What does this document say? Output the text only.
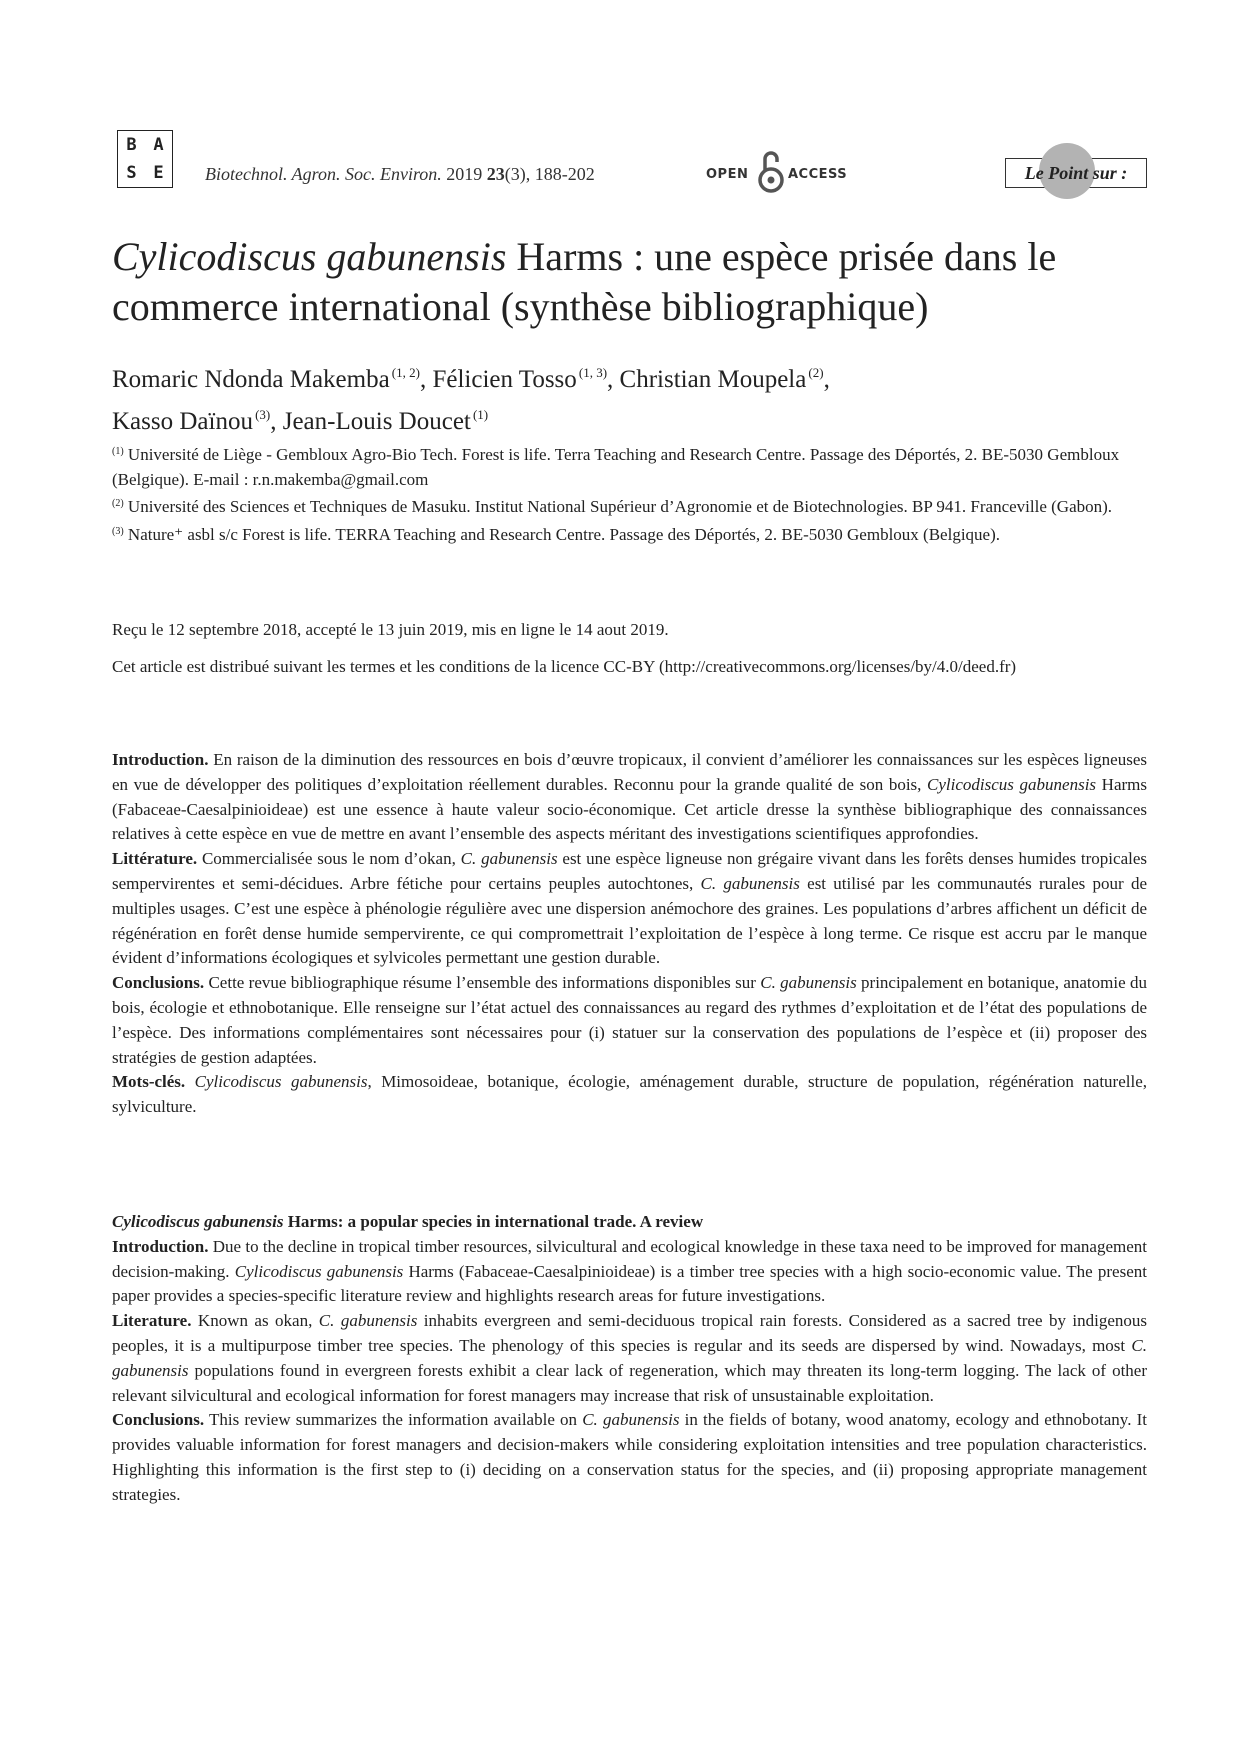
B A
S E	Biotechnol. Agron. Soc. Environ. 2019 23(3), 188-202	OPEN	ACCESS	Le Point sur :
Cylicodiscus gabunensis Harms : une espèce prisée dans le commerce international (synthèse bibliographique)
Romaric Ndonda Makemba  $^{(1, 2)}$, Félicien Tosso  $^{(1, 3)}$, Christian Moupela  $^{(2)}$,
Kasso Daïnou  $^{(3)}$, Jean-Louis Doucet  $^{(1)}$

$^{(1)}$ Université de Liège - Gembloux Agro-Bio Tech. Forest is life. Terra Teaching and Research Centre. Passage des Déportés, 2. BE-5030 Gembloux (Belgique). E-mail : r.n.makemba@gmail.com

$^{(2)}$ Université des Sciences et Techniques de Masuku. Institut National Supérieur d’Agronomie et de Biotechnologies. BP 941. Franceville (Gabon).

$^{(3)}$ Nature⁺ asbl s/c Forest is life. TERRA Teaching and Research Centre. Passage des Déportés, 2. BE-5030 Gembloux (Belgique).

Reçu le 12 septembre 2018, accepté le 13 juin 2019, mis en ligne le 14 aout 2019.
Cet article est distribué suivant les termes et les conditions de la licence CC-BY (http://creativecommons.org/licenses/by/4.0/deed.fr)

Introduction. En raison de la diminution des ressources en bois d’œuvre tropicaux, il convient d’améliorer les connaissances sur les espèces ligneuses en vue de développer des politiques d’exploitation réellement durables. Reconnu pour la grande qualité de son bois, Cylicodiscus gabunensis Harms (Fabaceae-Caesalpinioideae) est une essence à haute valeur socio-économique. Cet article dresse la synthèse bibliographique des connaissances relatives à cette espèce en vue de mettre en avant l’ensemble des aspects méritant des investigations scientifiques approfondies.

Littérature. Commercialisée sous le nom d’okan, C. gabunensis est une espèce ligneuse non grégaire vivant dans les forêts denses humides tropicales sempervirentes et semi-décidues. Arbre fétiche pour certains peuples autochtones, C. gabunensis est utilisé par les communautés rurales pour de multiples usages. C’est une espèce à phénologie régulière avec une dispersion anémochore des graines. Les populations d’arbres affichent un déficit de régénération en forêt dense humide sempervirente, ce qui compromettrait l’exploitation de l’espèce à long terme. Ce risque est accru par le manque évident d’informations écologiques et sylvicoles permettant une gestion durable.

Conclusions. Cette revue bibliographique résume l’ensemble des informations disponibles sur C. gabunensis principalement en botanique, anatomie du bois, écologie et ethnobotanique. Elle renseigne sur l’état actuel des connaissances au regard des rythmes d’exploitation et de l’état des populations de l’espèce. Des informations complémentaires sont nécessaires pour (i) statuer sur la conservation des populations de l’espèce et (ii) proposer des stratégies de gestion adaptées.

Mots-clés. Cylicodiscus gabunensis, Mimosoideae, botanique, écologie, aménagement durable, structure de population, régénération naturelle, sylviculture.

Cylicodiscus gabunensis Harms: a popular species in international trade. A review

Introduction. Due to the decline in tropical timber resources, silvicultural and ecological knowledge in these taxa need to be improved for management decision-making. Cylicodiscus gabunensis Harms (Fabaceae-Caesalpinioideae) is a timber tree species with a high socio-economic value. The present paper provides a species-specific literature review and highlights research areas for future investigations.

Literature. Known as okan, C. gabunensis inhabits evergreen and semi-deciduous tropical rain forests. Considered as a sacred tree by indigenous peoples, it is a multipurpose timber tree species. The phenology of this species is regular and its seeds are dispersed by wind. Nowadays, most C. gabunensis populations found in evergreen forests exhibit a clear lack of regeneration, which may threaten its long-term logging. The lack of other relevant silvicultural and ecological information for forest managers may increase that risk of unsustainable exploitation.

Conclusions. This review summarizes the information available on C. gabunensis in the fields of botany, wood anatomy, ecology and ethnobotany. It provides valuable information for forest managers and decision-makers while considering exploitation intensities and tree population characteristics. Highlighting this information is the first step to (i) deciding on a conservation status for the species, and (ii) proposing appropriate management strategies.
